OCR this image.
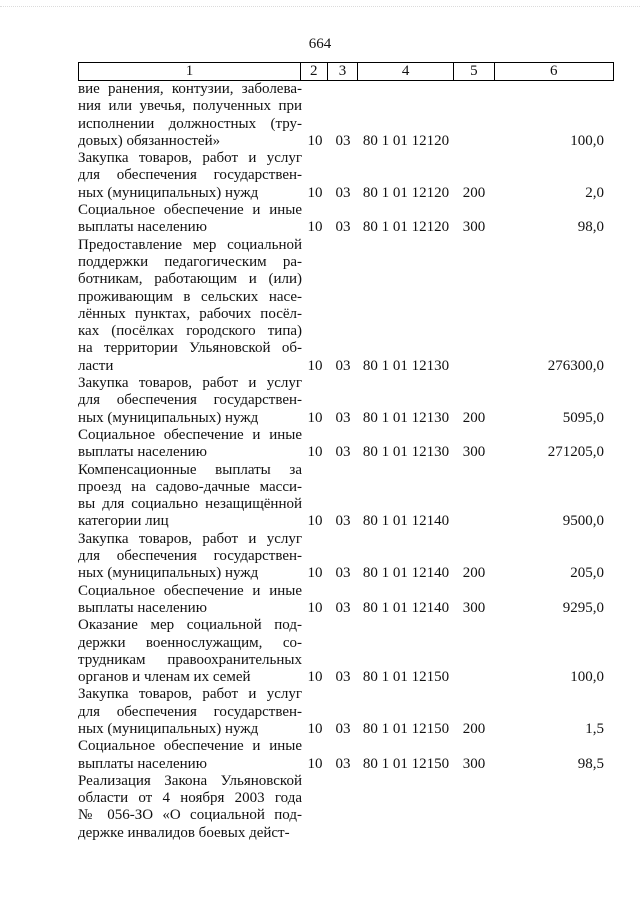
664
1	2	3	4	5	6
вие ранения, контузии, заболева-
ния или увечья, полученных при
исполнении должностных (тру-
довых) обязанностей»	10 03 80 1 01 12120	100,0
Закупка товаров, работ и услуг
для обеспечения государствен-
ных (муниципальных) нужд	10 03 80 1 01 12120 200	2,0
Социальное обеспечение и иные
выплаты населению	10 03 80 1 01 12120 300	98,0
Предоставление мер социальной
поддержки педагогическим ра-
ботникам, работающим и (или)
проживающим в сельских насе-
лённых пунктах, рабочих посёл-
ках (посёлках городского типа)
на территории Ульяновской об-
ласти	10 03 80 1 01 12130	276300,0
Закупка товаров, работ и услуг
для обеспечения государствен-
ных (муниципальных) нужд	10 03 80 1 01 12130 200	5095,0
Социальное обеспечение и иные
выплаты населению	10 03 80 1 01 12130 300	271205,0
Компенсационные выплаты за
проезд на садово-дачные масси-
вы для социально незащищённой
категории лиц	10 03 80 1 01 12140	9500,0
Закупка товаров, работ и услуг
для обеспечения государствен-
ных (муниципальных) нужд	10 03 80 1 01 12140 200	205,0
Социальное обеспечение и иные
выплаты населению	10 03 80 1 01 12140 300	9295,0
Оказание мер социальной под-
держки военнослужащим, со-
трудникам правоохранительных
органов и членам их семей	10 03 80 1 01 12150	100,0
Закупка товаров, работ и услуг
для обеспечения государствен-
ных (муниципальных) нужд	10 03 80 1 01 12150 200	1,5
Социальное обеспечение и иные
выплаты населению	10 03 80 1 01 12150 300	98,5
Реализация Закона Ульяновской
области от 4 ноября 2003 года
№ 056-ЗО «О социальной под-
держке инвалидов боевых дейст-
